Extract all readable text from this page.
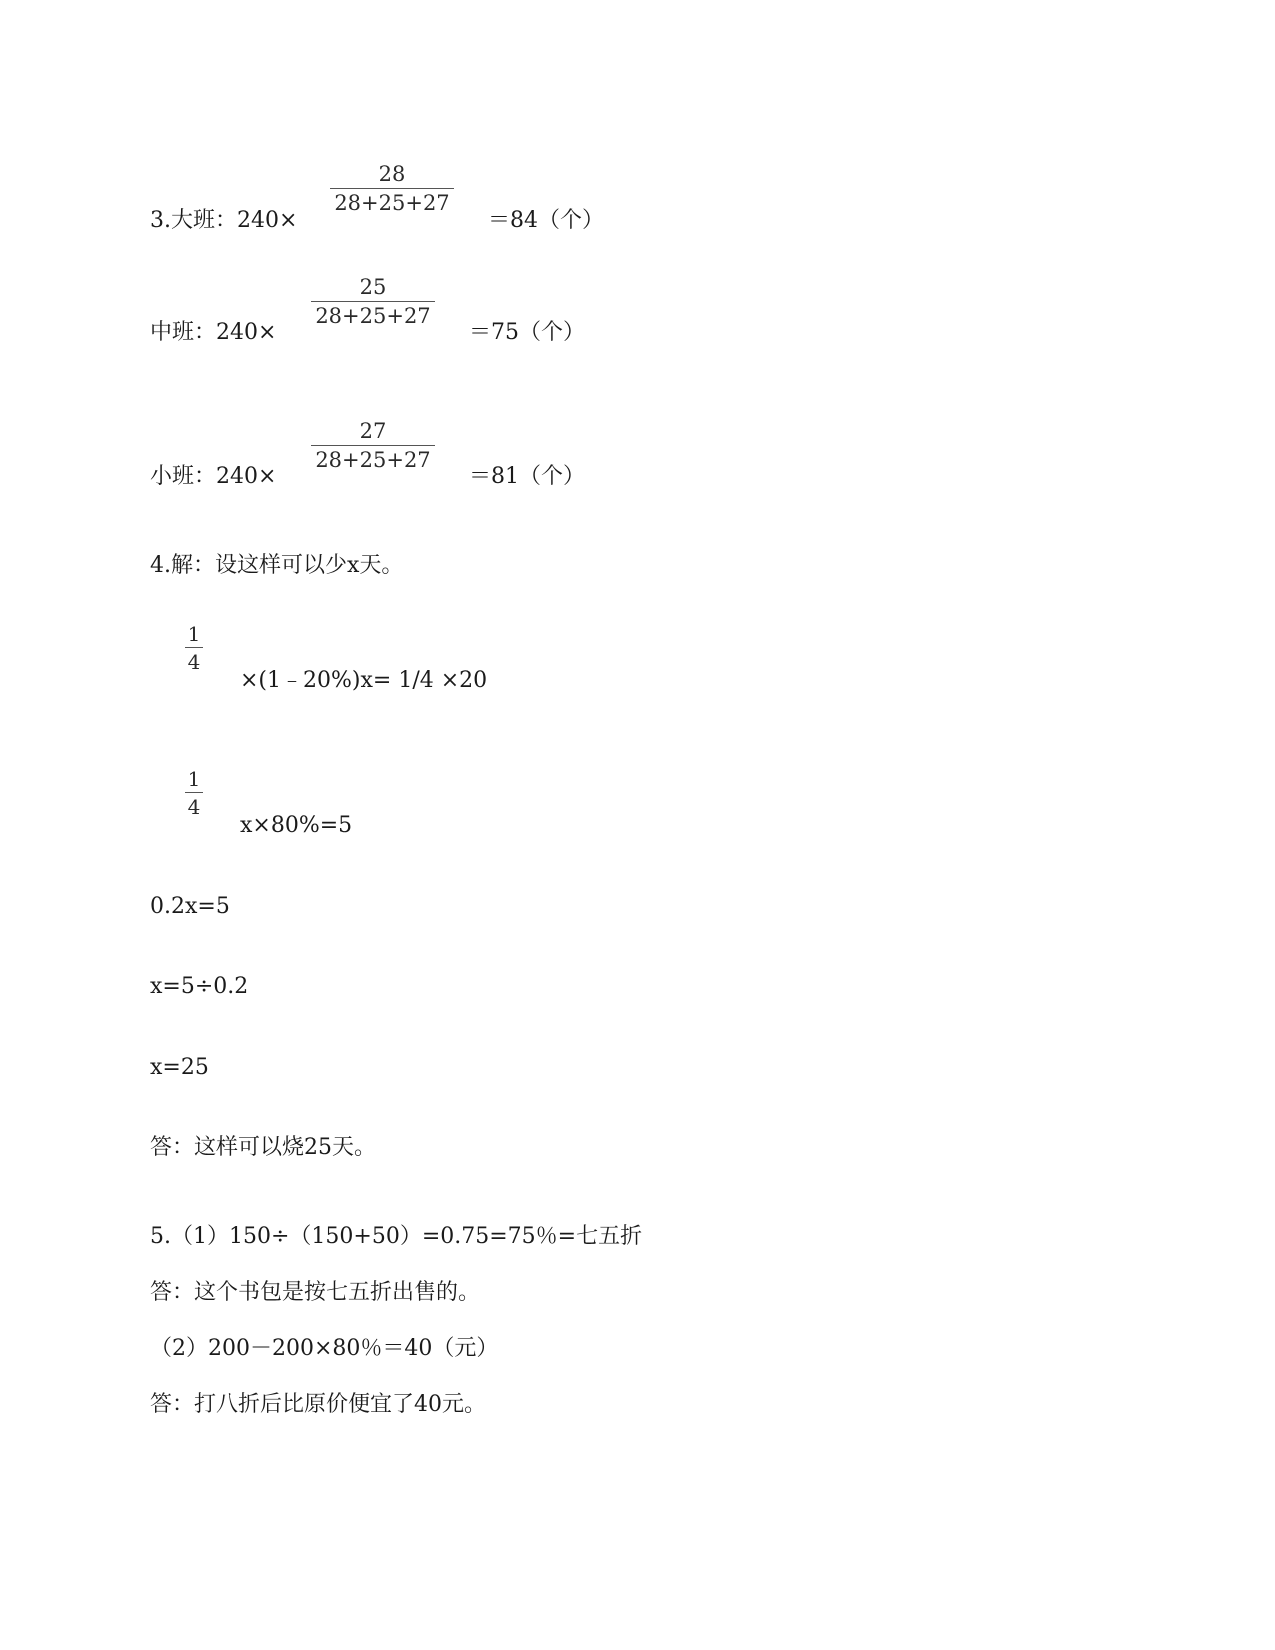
28
28+25+27
3.大班：240×	＝84（个）
25
28+25+27
中班：240×	＝75（个）
27
28+25+27
小班：240×	＝81（个）
4.解：设这样可以少x天。
1
4
×(1﹣20%)x= 1/4 ×20
1
4
x×80%=5
0.2x=5
x=5÷0.2
x=25
答：这样可以烧25天。
5.（1）150÷（150+50）=0.75=75％=七五折
答：这个书包是按七五折出售的。
（2）200－200×80％＝40（元）
答：打八折后比原价便宜了40元。
